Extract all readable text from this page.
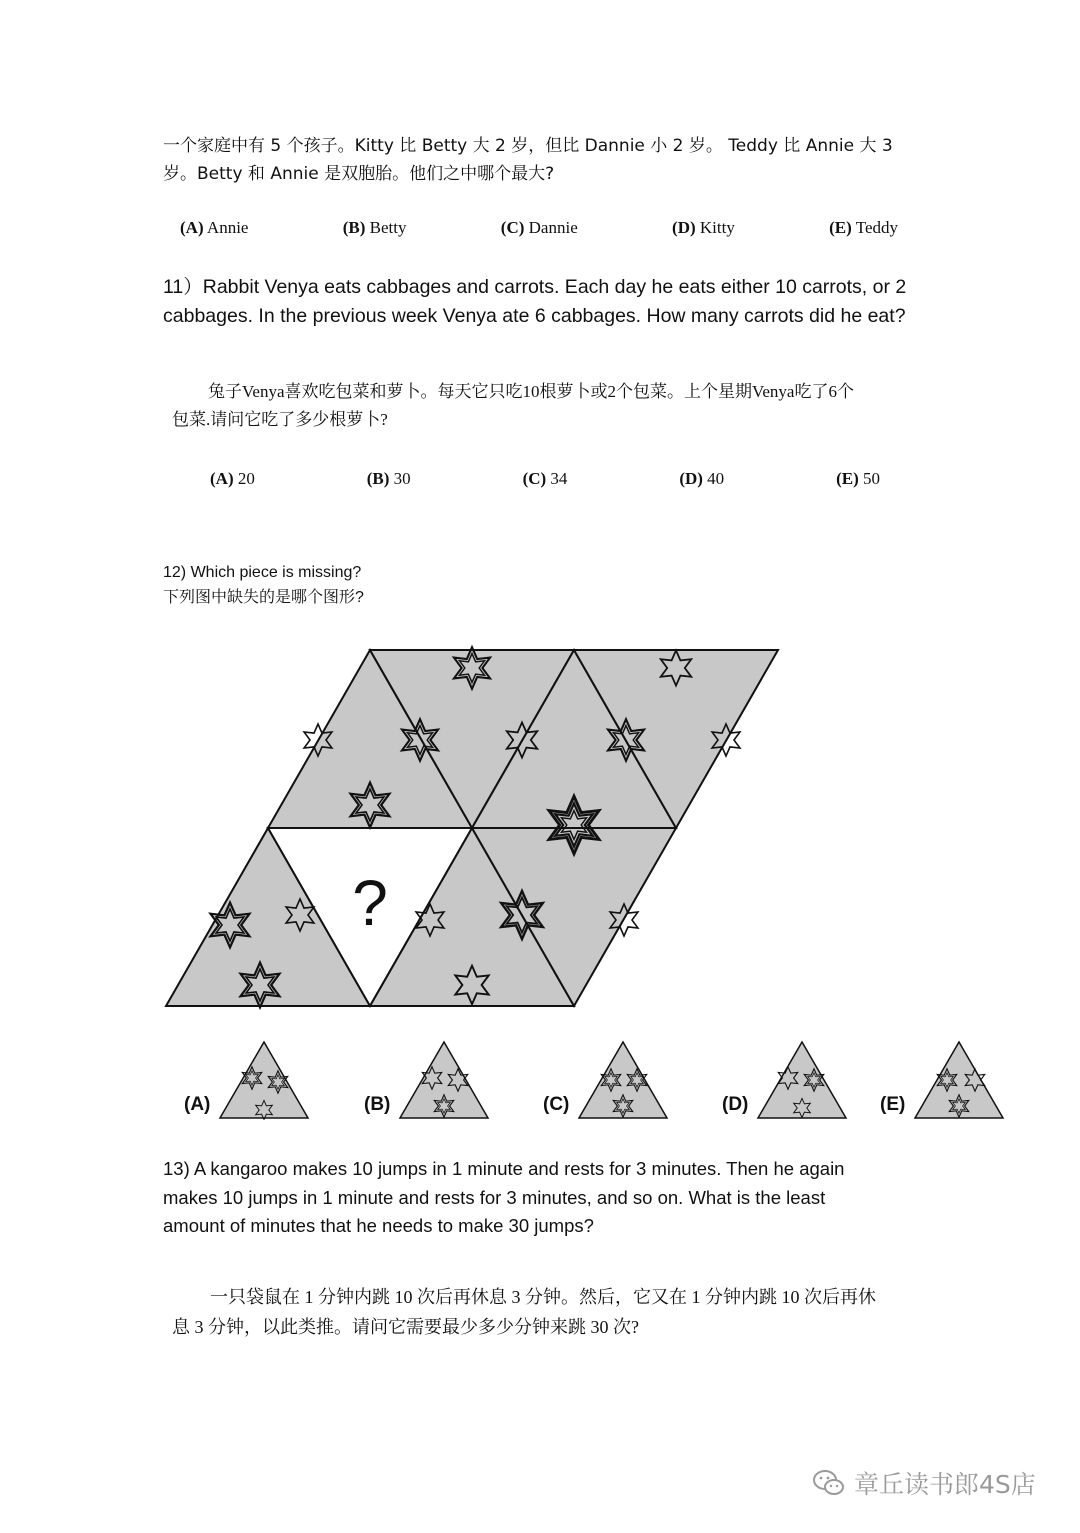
一个家庭中有 5 个孩子。Kitty 比 Betty 大 2 岁，但比 Dannie 小 2 岁。 Teddy 比 Annie 大 3
岁。Betty 和 Annie 是双胞胎。他们之中哪个最大?
(A) Annie	(B) Betty	(C) Dannie	(D) Kitty	(E) Teddy
11）Rabbit Venya eats cabbages and carrots. Each day he eats either 10 carrots, or 2
cabbages. In the previous week Venya ate 6 cabbages. How many carrots did he eat?
兔子Venya喜欢吃包菜和萝卜。每天它只吃10根萝卜或2个包菜。上个星期Venya吃了6个
包菜.请问它吃了多少根萝卜?
(A) 20	(B) 30	(C) 34	(D) 40	(E) 50
12) Which piece is missing?
下列图中缺失的是哪个图形?
?
(A)	(B)	(C)	(D)	(E)
13) A kangaroo makes 10 jumps in 1 minute and rests for 3 minutes. Then he again
makes 10 jumps in 1 minute and rests for 3 minutes, and so on. What is the least
amount of minutes that he needs to make 30 jumps?
一只袋鼠在 1 分钟内跳 10 次后再休息 3 分钟。然后，它又在 1 分钟内跳 10 次后再休
息 3 分钟，以此类推。请问它需要最少多少分钟来跳 30 次?
章丘读书郎4S店
